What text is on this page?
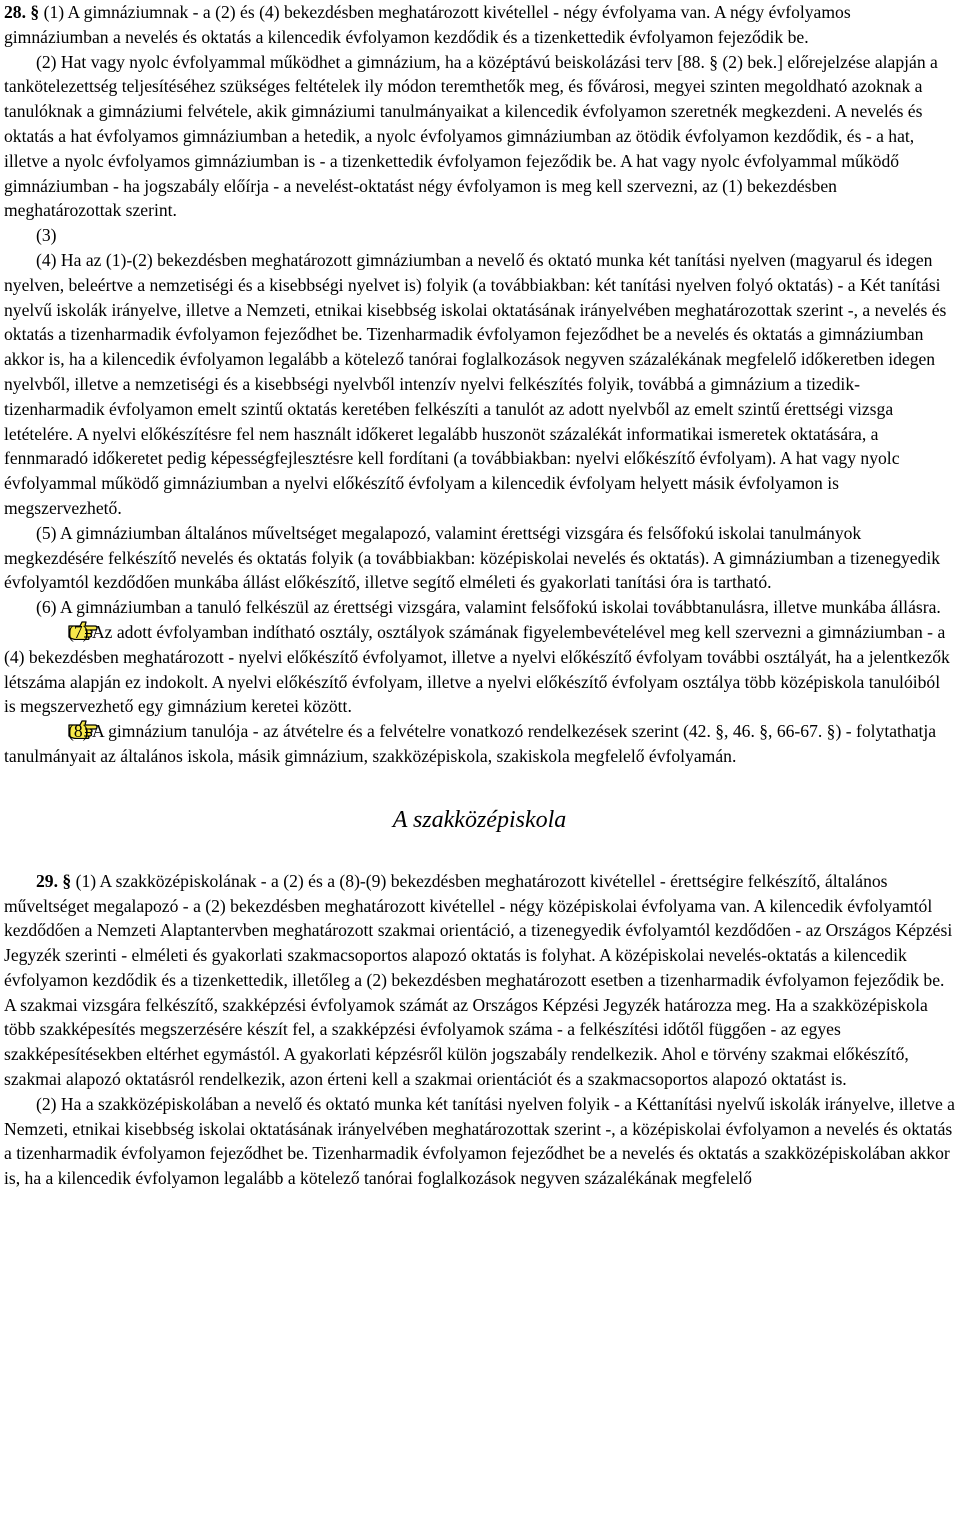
28. § (1) A gimnáziumnak - a (2) és (4) bekezdésben meghatározott kivétellel - négy évfolyama van. A négy évfolyamos gimnáziumban a nevelés és oktatás a kilencedik évfolyamon kezdődik és a tizenkettedik évfolyamon fejeződik be.

(2) Hat vagy nyolc évfolyammal működhet a gimnázium, ha a középtávú beiskolázási terv [88. § (2) bek.] előrejelzése alapján a tankötelezettség teljesítéséhez szükséges feltételek ily módon teremthetők meg, és fővárosi, megyei szinten megoldható azoknak a tanulóknak a gimnáziumi felvétele, akik gimnáziumi tanulmányaikat a kilencedik évfolyamon szeretnék megkezdeni. A nevelés és oktatás a hat évfolyamos gimnáziumban a hetedik, a nyolc évfolyamos gimnáziumban az ötödik évfolyamon kezdődik, és - a hat, illetve a nyolc évfolyamos gimnáziumban is - a tizenkettedik évfolyamon fejeződik be. A hat vagy nyolc évfolyammal működő gimnáziumban - ha jogszabály előírja - a nevelést-oktatást négy évfolyamon is meg kell szervezni, az (1) bekezdésben meghatározottak szerint.

(3)

(4) Ha az (1)-(2) bekezdésben meghatározott gimnáziumban a nevelő és oktató munka két tanítási nyelven (magyarul és idegen nyelven, beleértve a nemzetiségi és a kisebbségi nyelvet is) folyik (a továbbiakban: két tanítási nyelven folyó oktatás) - a Két tanítási nyelvű iskolák irányelve, illetve a Nemzeti, etnikai kisebbség iskolai oktatásának irányelvében meghatározottak szerint -, a nevelés és oktatás a tizenharmadik évfolyamon fejeződhet be. Tizenharmadik évfolyamon fejeződhet be a nevelés és oktatás a gimnáziumban akkor is, ha a kilencedik évfolyamon legalább a kötelező tanórai foglalkozások negyven százalékának megfelelő időkeretben idegen nyelvből, illetve a nemzetiségi és a kisebbségi nyelvből intenzív nyelvi felkészítés folyik, továbbá a gimnázium a tizedik-tizenharmadik évfolyamon emelt szintű oktatás keretében felkészíti a tanulót az adott nyelvből az emelt szintű érettségi vizsga letételére. A nyelvi előkészítésre fel nem használt időkeret legalább huszonöt százalékát informatikai ismeretek oktatására, a fennmaradó időkeretet pedig képességfejlesztésre kell fordítani (a továbbiakban: nyelvi előkészítő évfolyam). A hat vagy nyolc évfolyammal működő gimnáziumban a nyelvi előkészítő évfolyam a kilencedik évfolyam helyett másik évfolyamon is megszervezhető.

(5) A gimnáziumban általános műveltséget megalapozó, valamint érettségi vizsgára és felsőfokú iskolai tanulmányok megkezdésére felkészítő nevelés és oktatás folyik (a továbbiakban: középiskolai nevelés és oktatás). A gimnáziumban a tizenegyedik évfolyamtól kezdődően munkába állást előkészítő, illetve segítő elméleti és gyakorlati tanítási óra is tartható.

(6) A gimnáziumban a tanuló felkészül az érettségi vizsgára, valamint felsőfokú iskolai továbbtanulásra, illetve munkába állásra.

(7) Az adott évfolyamban indítható osztály, osztályok számának figyelembevételével meg kell szervezni a gimnáziumban - a (4) bekezdésben meghatározott - nyelvi előkészítő évfolyamot, illetve a nyelvi előkészítő évfolyam további osztályát, ha a jelentkezők létszáma alapján ez indokolt. A nyelvi előkészítő évfolyam, illetve a nyelvi előkészítő évfolyam osztálya több középiskola tanulóiból is megszervezhető egy gimnázium keretei között.

(8) A gimnázium tanulója - az átvételre és a felvételre vonatkozó rendelkezések szerint (42. §, 46. §, 66-67. §) - folytathatja tanulmányait az általános iskola, másik gimnázium, szakközépiskola, szakiskola megfelelő évfolyamán.

A szakközépiskola

29. § (1) A szakközépiskolának - a (2) és a (8)-(9) bekezdésben meghatározott kivétellel - érettségire felkészítő, általános műveltséget megalapozó - a (2) bekezdésben meghatározott kivétellel - négy középiskolai évfolyama van. A kilencedik évfolyamtól kezdődően a Nemzeti Alaptantervben meghatározott szakmai orientáció, a tizenegyedik évfolyamtól kezdődően - az Országos Képzési Jegyzék szerinti - elméleti és gyakorlati szakmacsoportos alapozó oktatás is folyhat. A középiskolai nevelés-oktatás a kilencedik évfolyamon kezdődik és a tizenkettedik, illetőleg a (2) bekezdésben meghatározott esetben a tizenharmadik évfolyamon fejeződik be. A szakmai vizsgára felkészítő, szakképzési évfolyamok számát az Országos Képzési Jegyzék határozza meg. Ha a szakközépiskola több szakképesítés megszerzésére készít fel, a szakképzési évfolyamok száma - a felkészítési időtől függően - az egyes szakképesítésekben eltérhet egymástól. A gyakorlati képzésről külön jogszabály rendelkezik. Ahol e törvény szakmai előkészítő, szakmai alapozó oktatásról rendelkezik, azon érteni kell a szakmai orientációt és a szakmacsoportos alapozó oktatást is.

(2) Ha a szakközépiskolában a nevelő és oktató munka két tanítási nyelven folyik - a Kéttanítási nyelvű iskolák irányelve, illetve a Nemzeti, etnikai kisebbség iskolai oktatásának irányelvében meghatározottak szerint -, a középiskolai évfolyamon a nevelés és oktatás a tizenharmadik évfolyamon fejeződhet be. Tizenharmadik évfolyamon fejeződhet be a nevelés és oktatás a szakközépiskolában akkor is, ha a kilencedik évfolyamon legalább a kötelező tanórai foglalkozások negyven százalékának megfelelő
